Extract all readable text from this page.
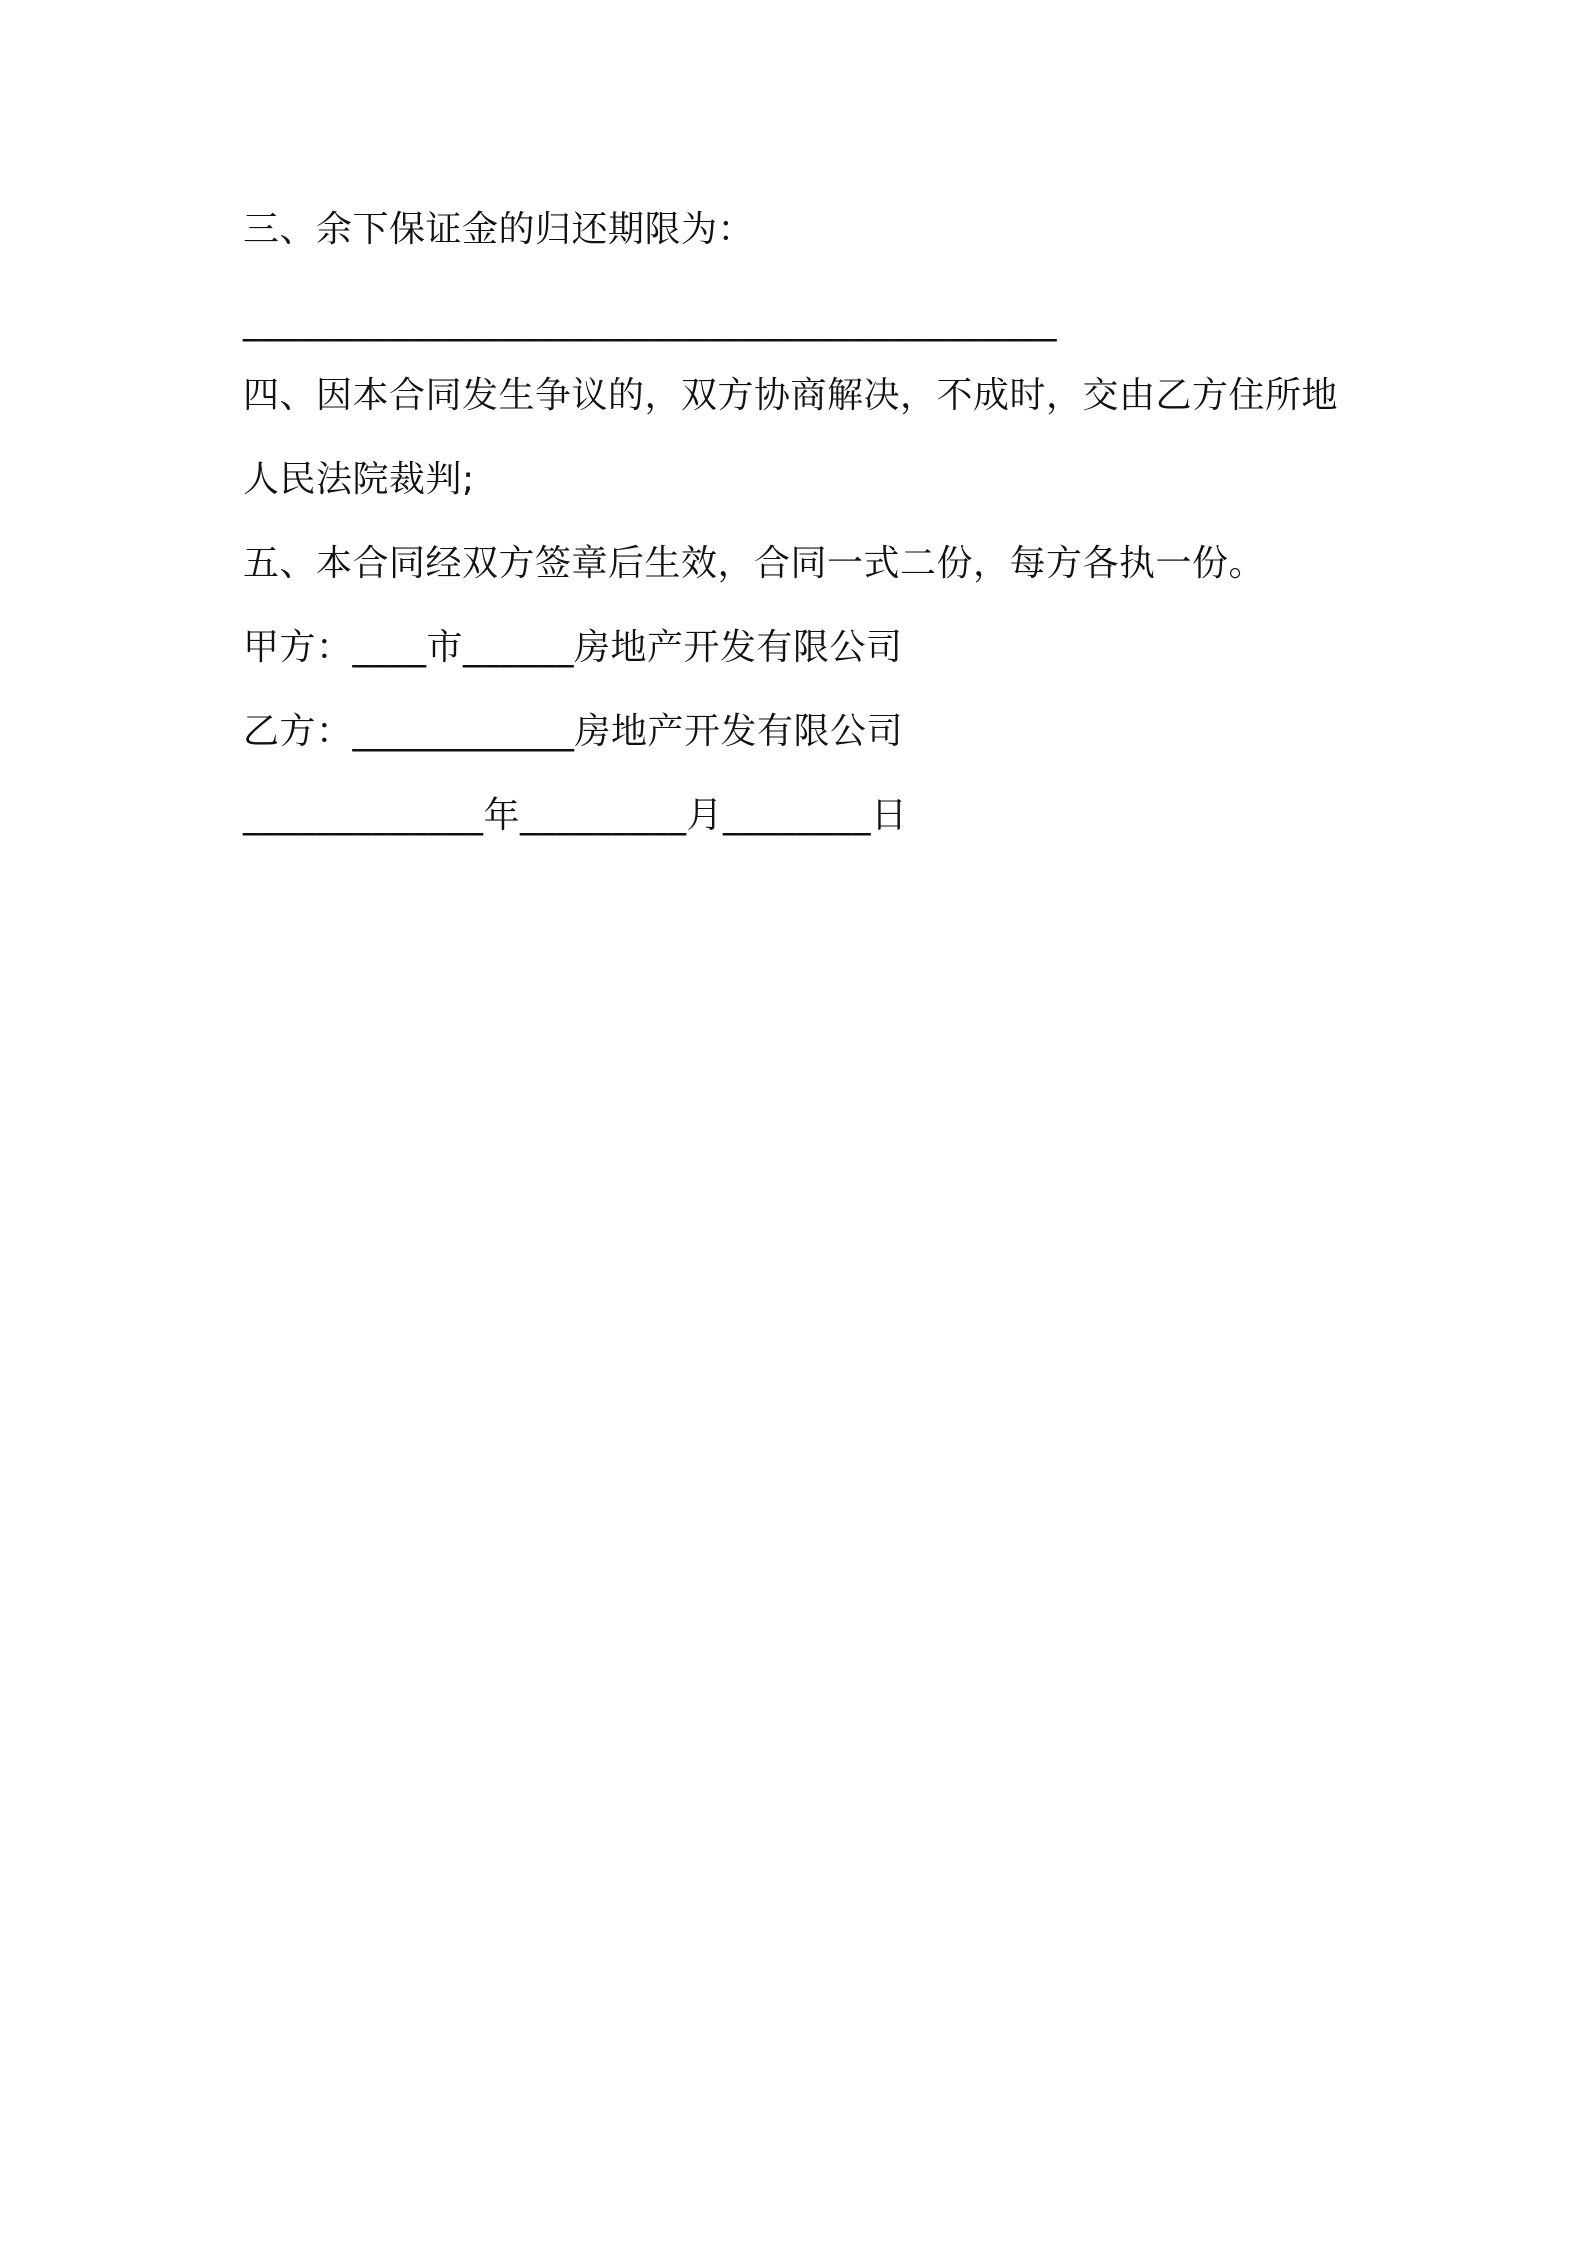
三、余下保证金的归还期限为：
____________________________________________
四、因本合同发生争议的，双方协商解决，不成时，交由乙方住所地
人民法院裁判;
五、本合同经双方签章后生效，合同一式二份，每方各执一份。
甲方：____市______房地产开发有限公司
乙方：____________房地产开发有限公司
_____________年_________月________日
